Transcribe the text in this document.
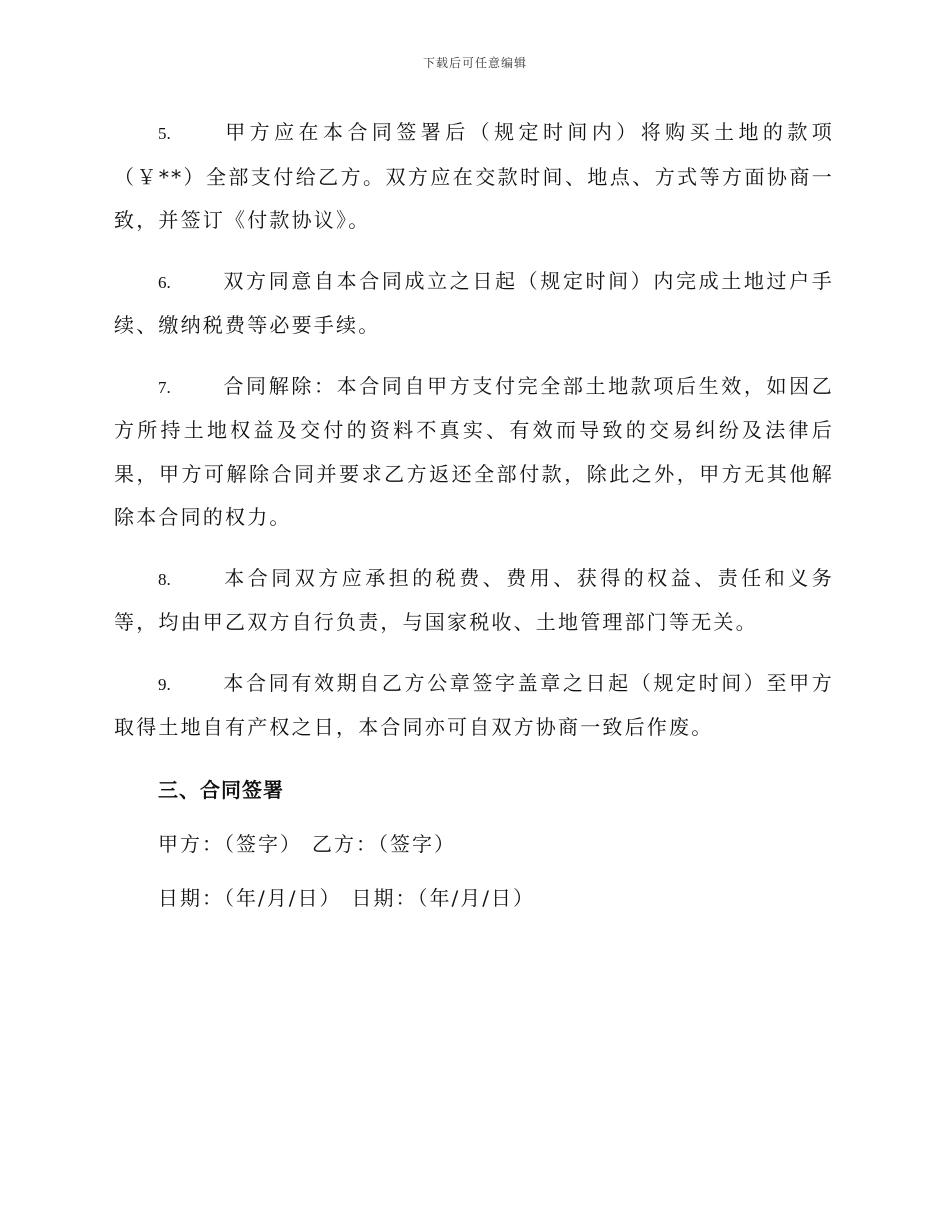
下载后可任意编辑

5.	甲方应在本合同签署后（规定时间内）将购买土地的款项（￥**）全部支付给乙方。双方应在交款时间、地点、方式等方面协商一致，并签订《付款协议》。

6.	双方同意自本合同成立之日起（规定时间）内完成土地过户手续、缴纳税费等必要手续。

7.	合同解除：本合同自甲方支付完全部土地款项后生效，如因乙方所持土地权益及交付的资料不真实、有效而导致的交易纠纷及法律后果，甲方可解除合同并要求乙方返还全部付款，除此之外，甲方无其他解除本合同的权力。

8.	本合同双方应承担的税费、费用、获得的权益、责任和义务等，均由甲乙双方自行负责，与国家税收、土地管理部门等无关。

9.	本合同有效期自乙方公章签字盖章之日起（规定时间）至甲方取得土地自有产权之日，本合同亦可自双方协商一致后作废。

三、合同签署
甲方：（签字） 乙方：（签字）
日期：（年/月/日） 日期：（年/月/日）
